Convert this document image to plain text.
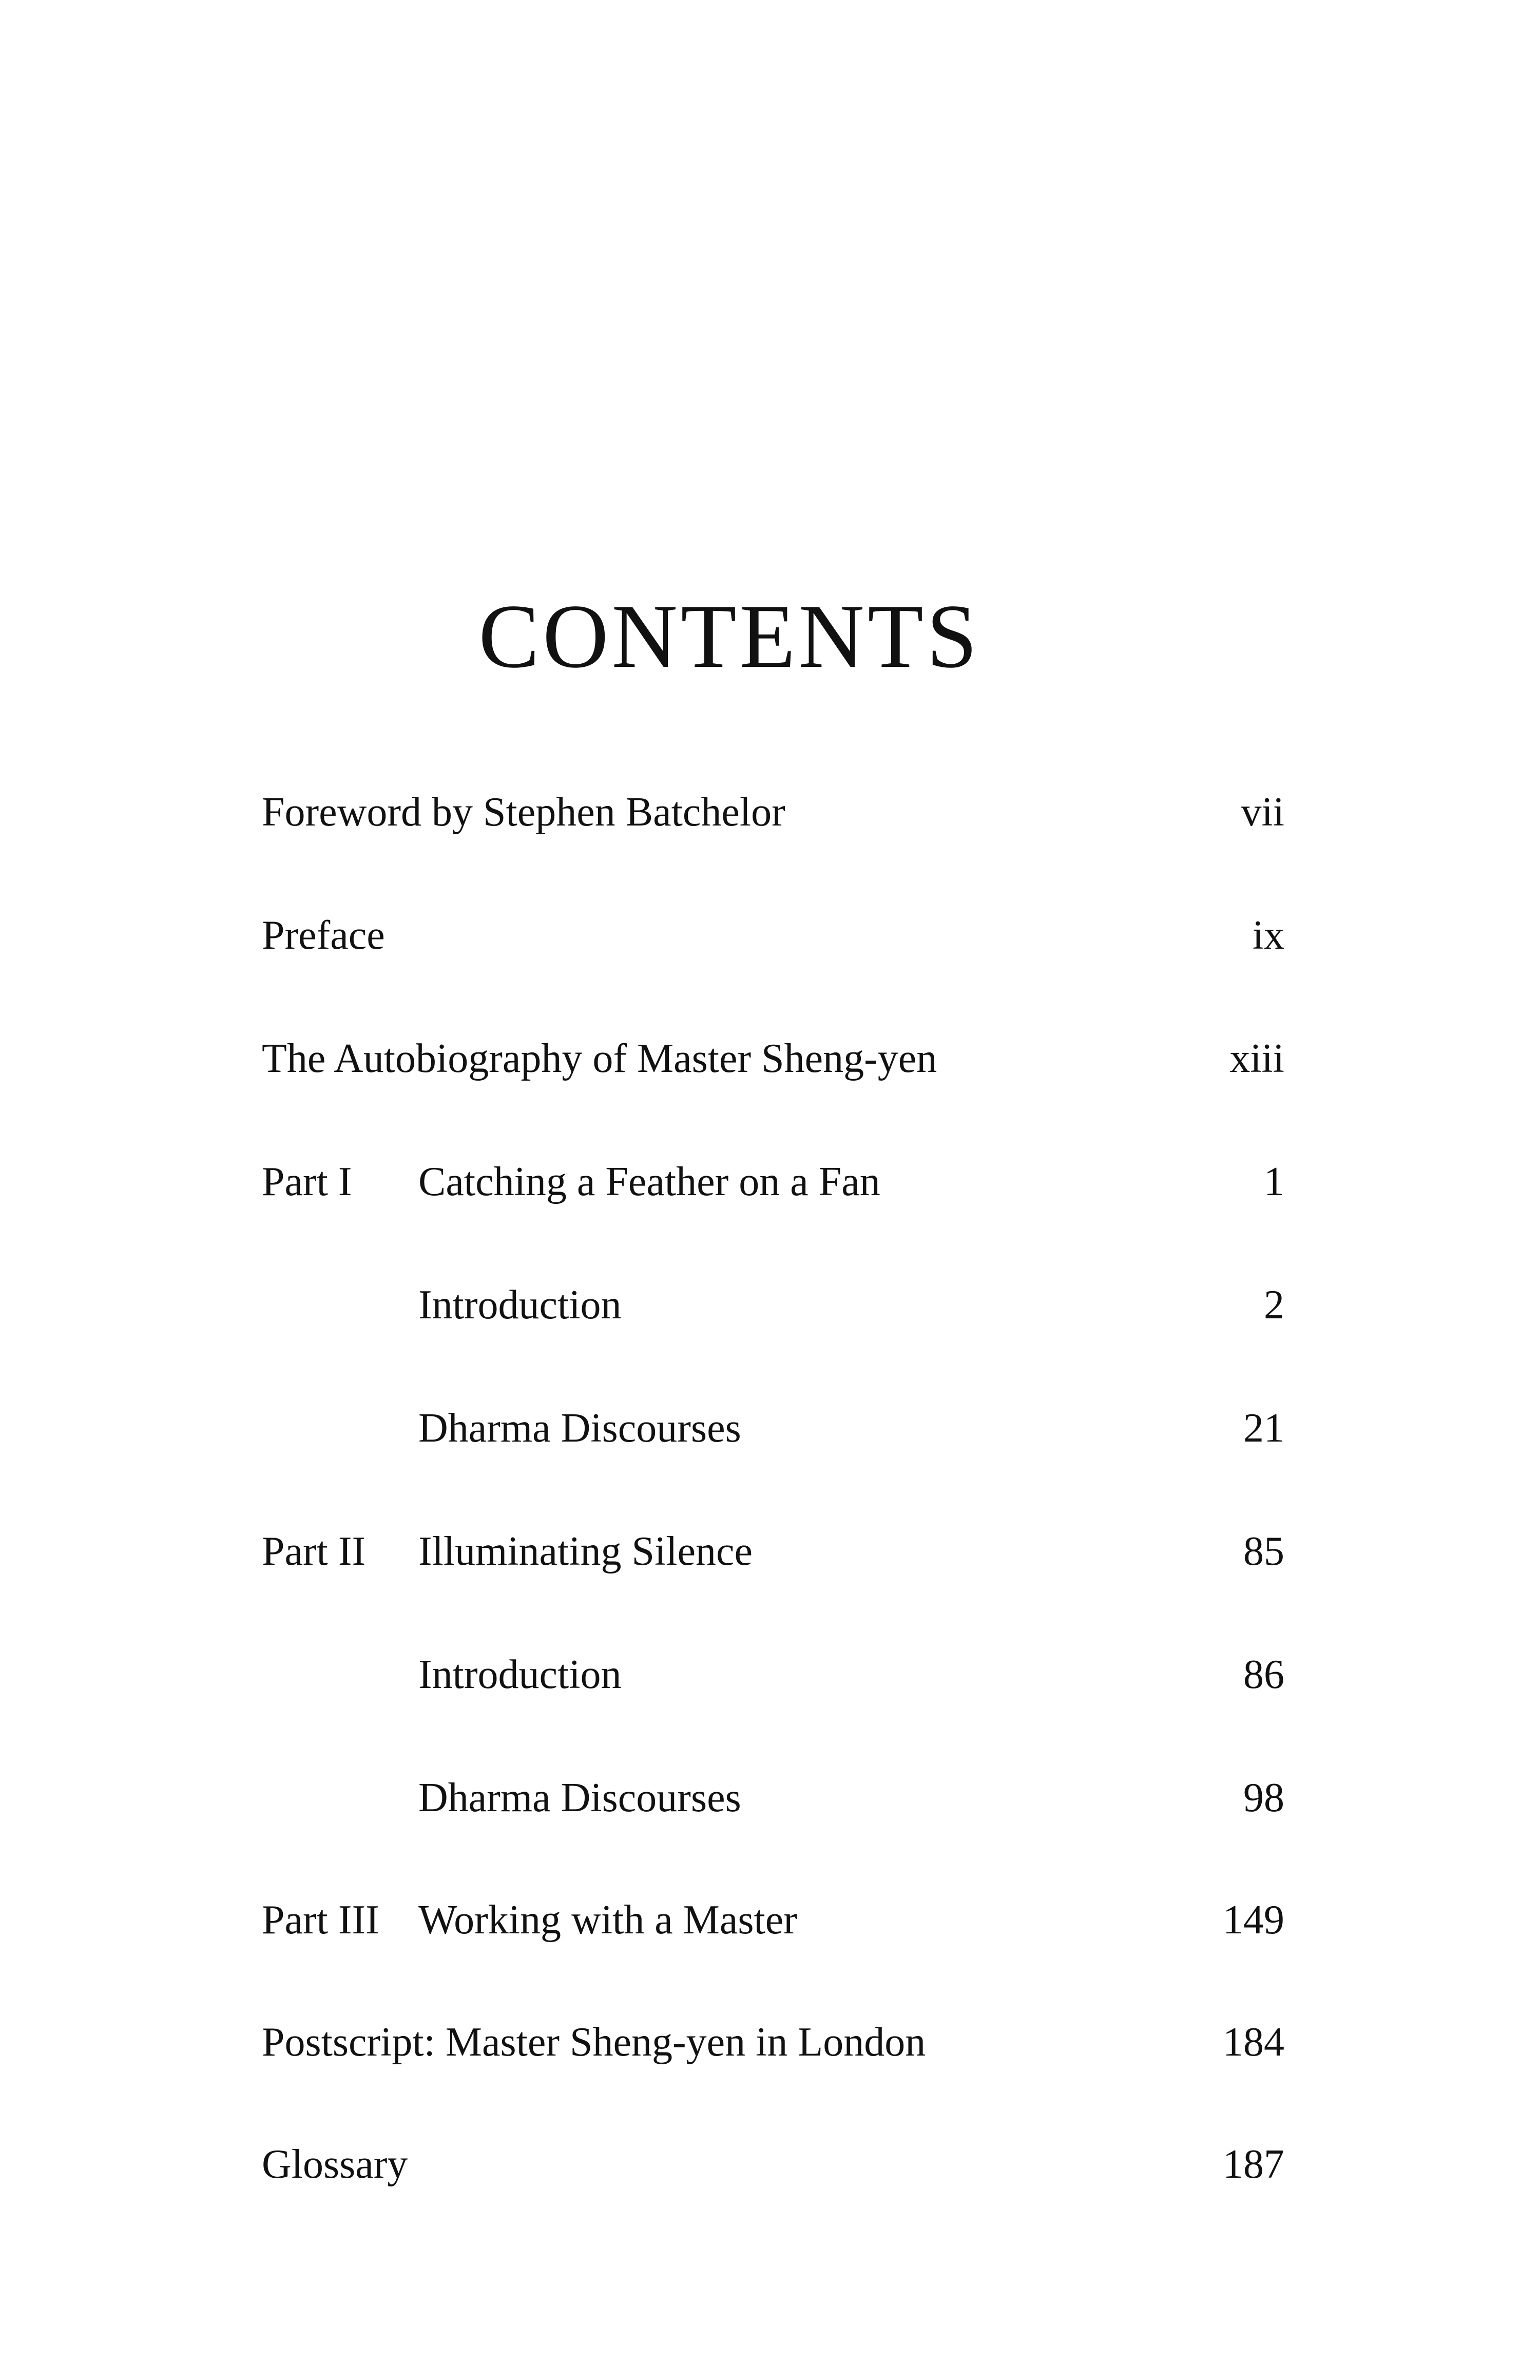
CONTENTS
Foreword by Stephen Batchelor	vii
Preface	ix
The Autobiography of Master Sheng-yen	xiii
Part I Catching a Feather on a Fan	1
Introduction	2
Dharma Discourses	21
Part II Illuminating Silence	85
Introduction	86
Dharma Discourses	98
Part III Working with a Master	149
Postscript: Master Sheng-yen in London	184
Glossary	187
